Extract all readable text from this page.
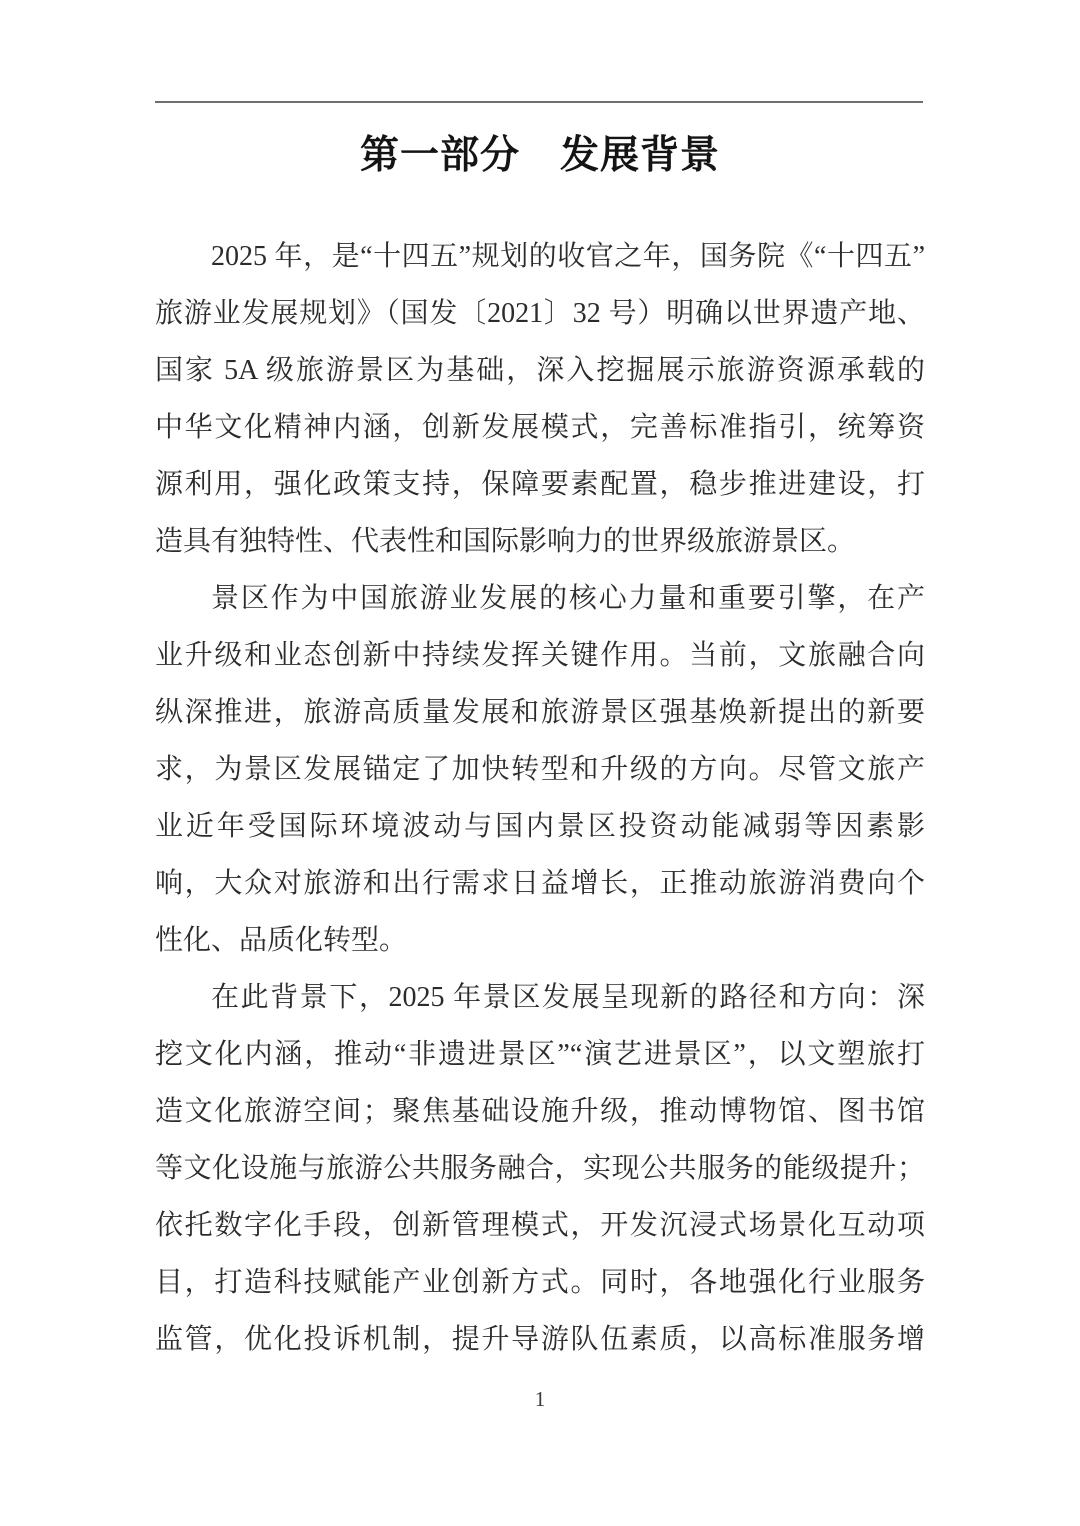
第一部分　发展背景
2025 年，是“十四五”规划的收官之年，国务院《“十四五”
旅游业发展规划》（国发〔2021〕32 号）明确以世界遗产地、
国家 5A 级旅游景区为基础，深入挖掘展示旅游资源承载的
中华文化精神内涵，创新发展模式，完善标准指引，统筹资
源利用，强化政策支持，保障要素配置，稳步推进建设，打
造具有独特性、代表性和国际影响力的世界级旅游景区。
景区作为中国旅游业发展的核心力量和重要引擎，在产
业升级和业态创新中持续发挥关键作用。当前，文旅融合向
纵深推进，旅游高质量发展和旅游景区强基焕新提出的新要
求，为景区发展锚定了加快转型和升级的方向。尽管文旅产
业近年受国际环境波动与国内景区投资动能减弱等因素影
响，大众对旅游和出行需求日益增长，正推动旅游消费向个
性化、品质化转型。
在此背景下，2025 年景区发展呈现新的路径和方向：深
挖文化内涵，推动“非遗进景区”“演艺进景区”，以文塑旅打
造文化旅游空间；聚焦基础设施升级，推动博物馆、图书馆
等文化设施与旅游公共服务融合，实现公共服务的能级提升；
依托数字化手段，创新管理模式，开发沉浸式场景化互动项
目，打造科技赋能产业创新方式。同时，各地强化行业服务
监管，优化投诉机制，提升导游队伍素质，以高标准服务增
1
